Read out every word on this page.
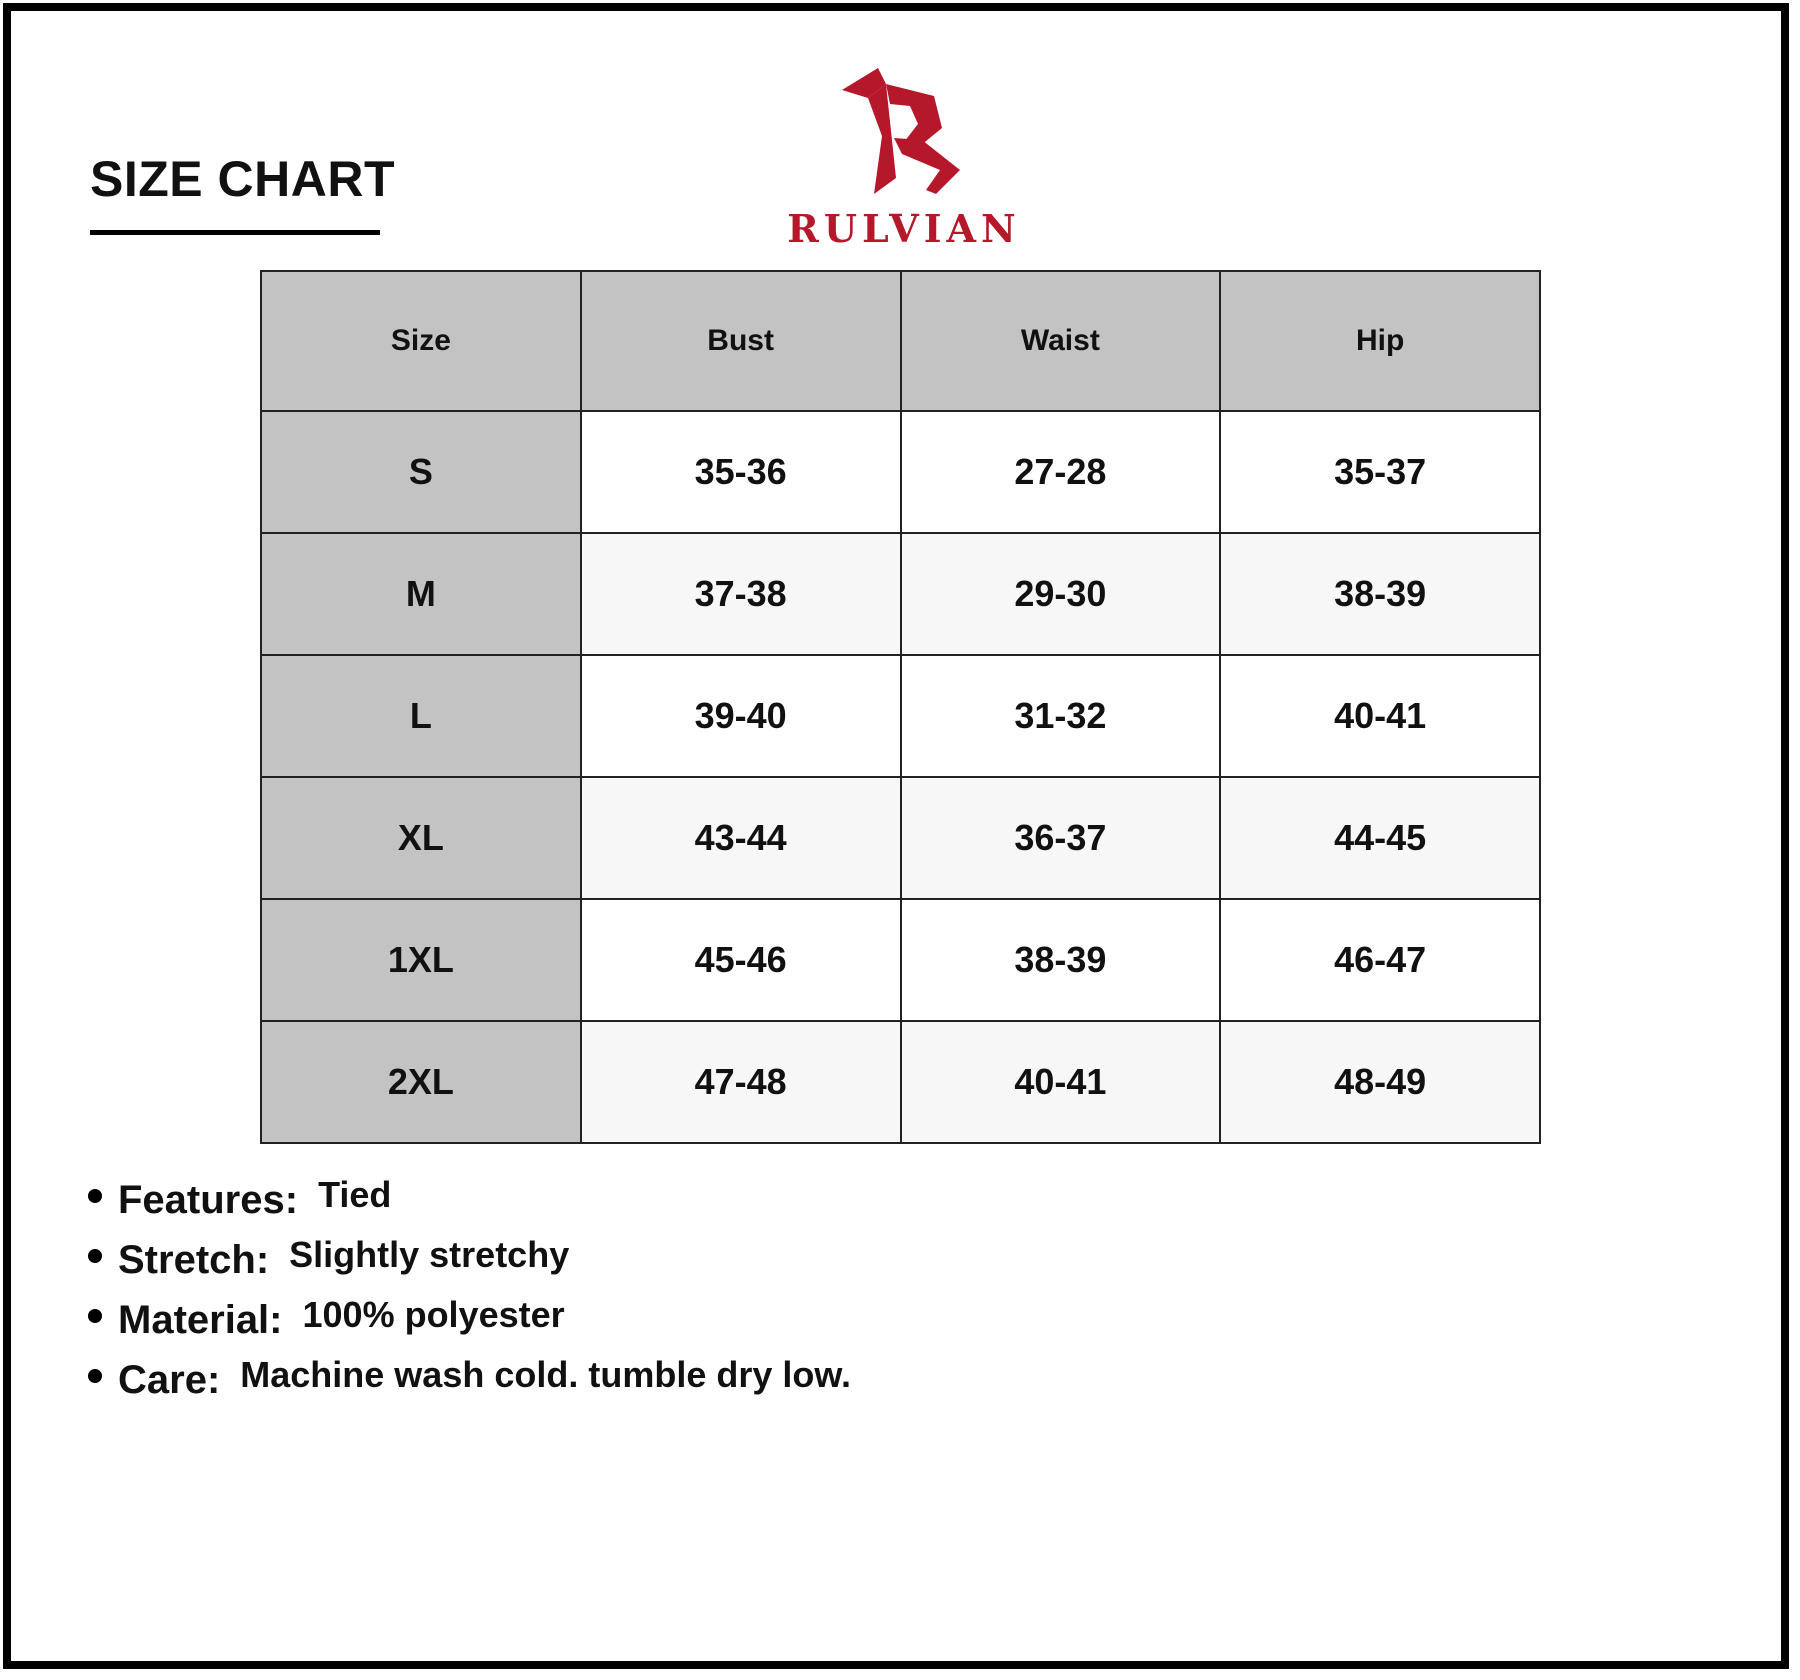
SIZE CHART
RULVIAN
Size	Bust	Waist	Hip
S	35-36	27-28	35-37
M	37-38	29-30	38-39
L	39-40	31-32	40-41
XL	43-44	36-37	44-45
1XL	45-46	38-39	46-47
2XL	47-48	40-41	48-49
Features: Tied
Stretch: Slightly stretchy
Material: 100% polyester
Care: Machine wash cold. tumble dry low.
